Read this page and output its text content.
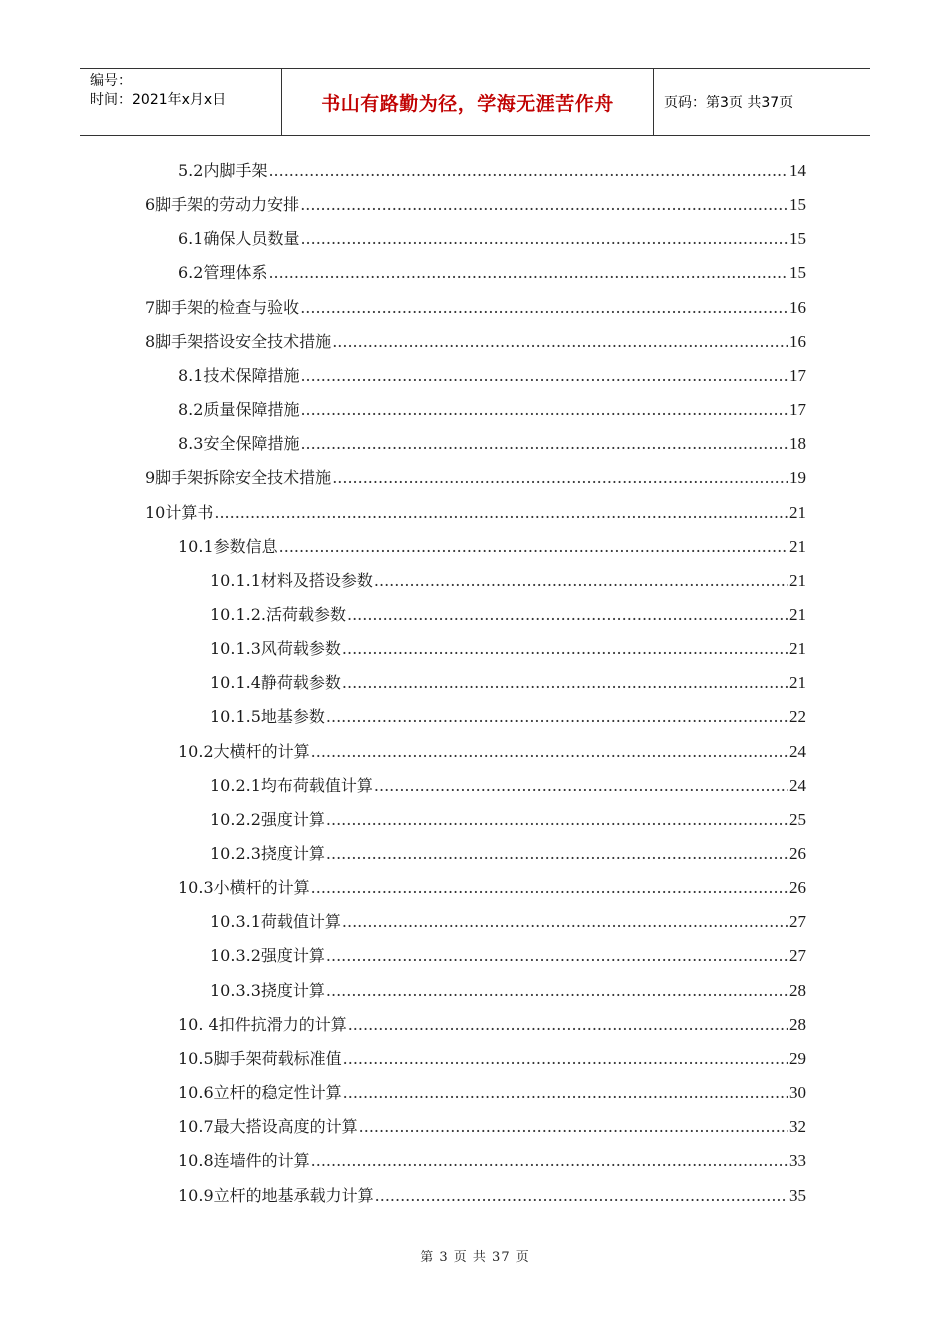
编号：
时间：2021年x月x日	书山有路勤为径，学海无涯苦作舟	页码：第3页 共37页
5.2内脚手架 .....	14
6脚手架的劳动力安排 .....	15
6.1确保人员数量 .....	15
6.2管理体系 .....	15
7脚手架的检查与验收 .....	16
8脚手架搭设安全技术措施 .....	16
8.1技术保障措施 .....	17
8.2质量保障措施 .....	17
8.3安全保障措施 .....	18
9脚手架拆除安全技术措施 .....	19
10计算书 .....	21
10.1参数信息 .....	21
10.1.1材料及搭设参数 .....	21
10.1.2.活荷载参数 .....	21
10.1.3风荷载参数 .....	21
10.1.4静荷载参数 .....	21
10.1.5地基参数 .....	22
10.2大横杆的计算 .....	24
10.2.1均布荷载值计算 .....	24
10.2.2强度计算 .....	25
10.2.3挠度计算 .....	26
10.3小横杆的计算 .....	26
10.3.1荷载值计算 .....	27
10.3.2强度计算 .....	27
10.3.3挠度计算 .....	28
10. 4扣件抗滑力的计算 .....	28
10.5脚手架荷载标准值 .....	29
10.6立杆的稳定性计算 .....	30
10.7最大搭设高度的计算 .....	32
10.8连墙件的计算 .....	33
10.9立杆的地基承载力计算 .....	35
第 3 页 共 37 页
